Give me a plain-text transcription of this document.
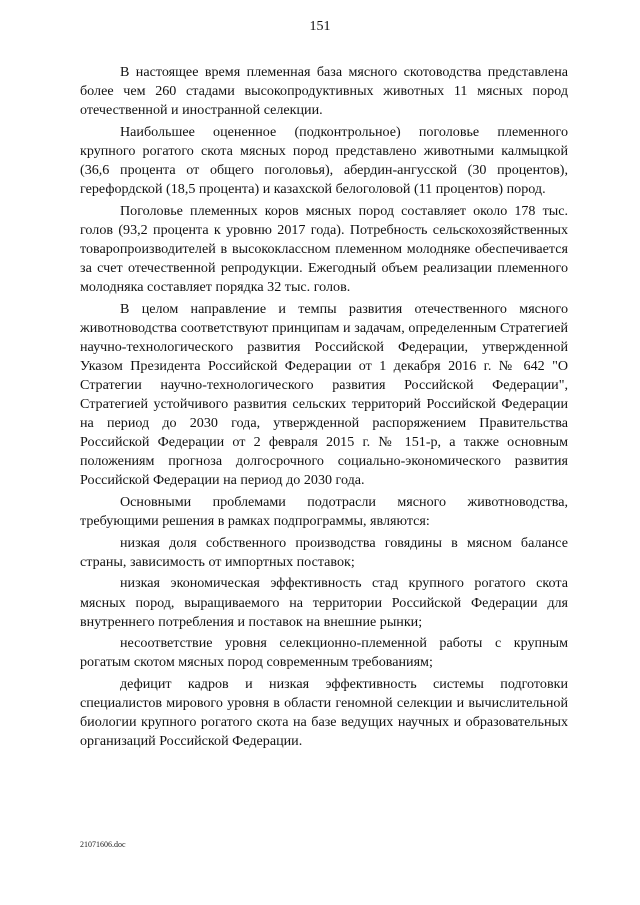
151

В настоящее время племенная база мясного скотоводства представлена более чем 260 стадами высокопродуктивных животных 11 мясных пород отечественной и иностранной селекции.

Наибольшее оцененное (подконтрольное) поголовье племенного крупного рогатого скота мясных пород представлено животными калмыцкой (36,6 процента от общего поголовья), абердин-ангусской (30 процентов), герефордской (18,5 процента) и казахской белоголовой (11 процентов) пород.

Поголовье племенных коров мясных пород составляет около 178 тыс. голов (93,2 процента к уровню 2017 года). Потребность сельскохозяйственных товаропроизводителей в высококлассном племенном молодняке обеспечивается за счет отечественной репродукции. Ежегодный объем реализации племенного молодняка составляет порядка 32 тыс. голов.

В целом направление и темпы развития отечественного мясного животноводства соответствуют принципам и задачам, определенным Стратегией научно-технологического развития Российской Федерации, утвержденной Указом Президента Российской Федерации от 1 декабря 2016 г. № 642 "О Стратегии научно-технологического развития Российской Федерации", Стратегией устойчивого развития сельских территорий Российской Федерации на период до 2030 года, утвержденной распоряжением Правительства Российской Федерации от 2 февраля 2015 г. № 151-р, а также основным положениям прогноза долгосрочного социально-экономического развития Российской Федерации на период до 2030 года.

Основными проблемами подотрасли мясного животноводства, требующими решения в рамках подпрограммы, являются:

низкая доля собственного производства говядины в мясном балансе страны, зависимость от импортных поставок;

низкая экономическая эффективность стад крупного рогатого скота мясных пород, выращиваемого на территории Российской Федерации для внутреннего потребления и поставок на внешние рынки;

несоответствие уровня селекционно-племенной работы с крупным рогатым скотом мясных пород современным требованиям;

дефицит кадров и низкая эффективность системы подготовки специалистов мирового уровня в области геномной селекции и вычислительной биологии крупного рогатого скота на базе ведущих научных и образовательных организаций Российской Федерации.

21071606.doc
